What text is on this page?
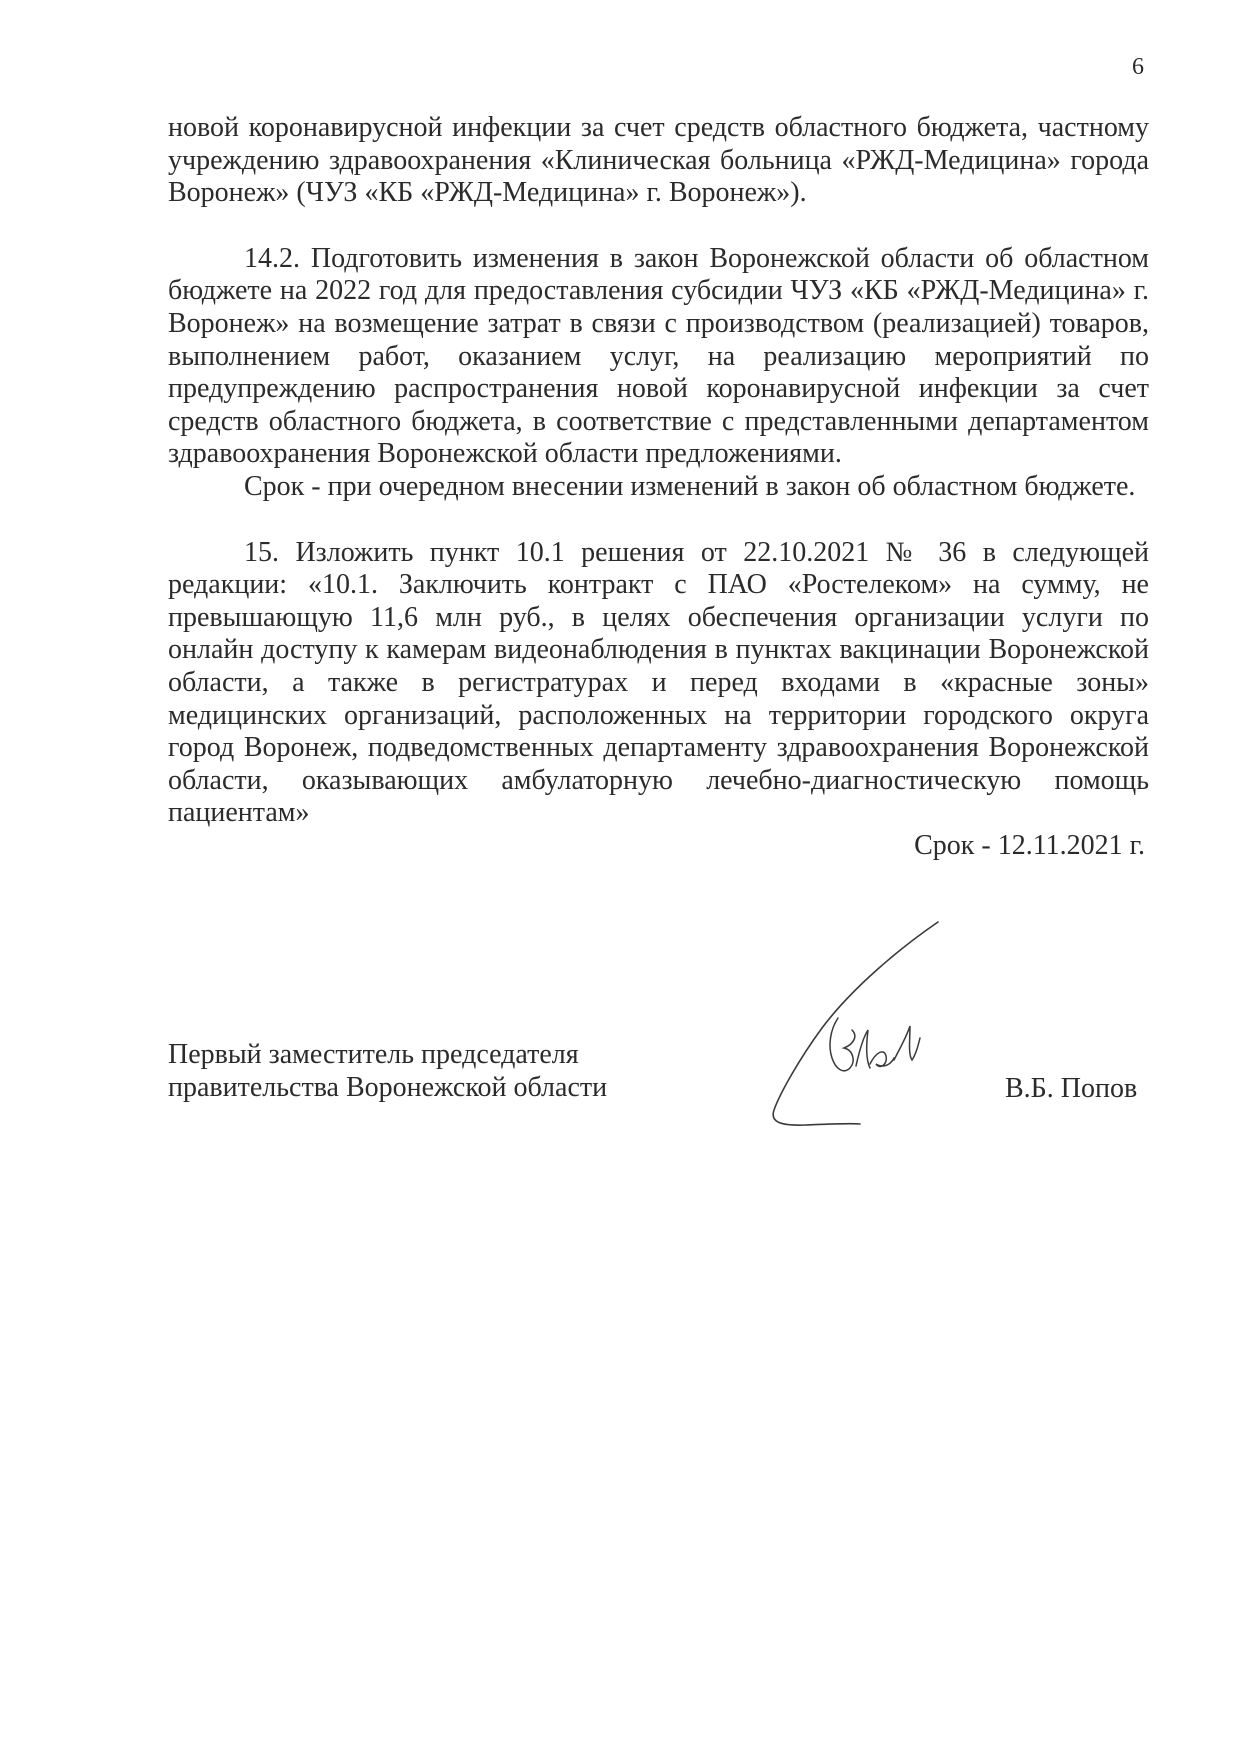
6

новой коронавирусной инфекции за счет средств областного бюджета, частному учреждению здравоохранения «Клиническая больница «РЖД-Медицина» города Воронеж» (ЧУЗ «КБ «РЖД-Медицина» г. Воронеж»).

14.2. Подготовить изменения в закон Воронежской области об областном бюджете на 2022 год для предоставления субсидии ЧУЗ «КБ «РЖД-Медицина» г. Воронеж» на возмещение затрат в связи с производством (реализацией) товаров, выполнением работ, оказанием услуг, на реализацию мероприятий по предупреждению распространения новой коронавирусной инфекции за счет средств областного бюджета, в соответствие с представленными департаментом здравоохранения Воронежской области предложениями.

Срок - при очередном внесении изменений в закон об областном бюджете.

15. Изложить пункт 10.1 решения от 22.10.2021 № 36 в следующей редакции: «10.1. Заключить контракт с ПАО «Ростелеком» на сумму, не превышающую 11,6 млн руб., в целях обеспечения организации услуги по онлайн доступу к камерам видеонаблюдения в пунктах вакцинации Воронежской области, а также в регистратурах и перед входами в «красные зоны» медицинских организаций, расположенных на территории городского округа город Воронеж, подведомственных департаменту здравоохранения Воронежской области, оказывающих амбулаторную лечебно-диагностическую помощь пациентам»

Срок - 12.11.2021 г.

Первый заместитель председателя
правительства Воронежской области	В.Б. Попов
